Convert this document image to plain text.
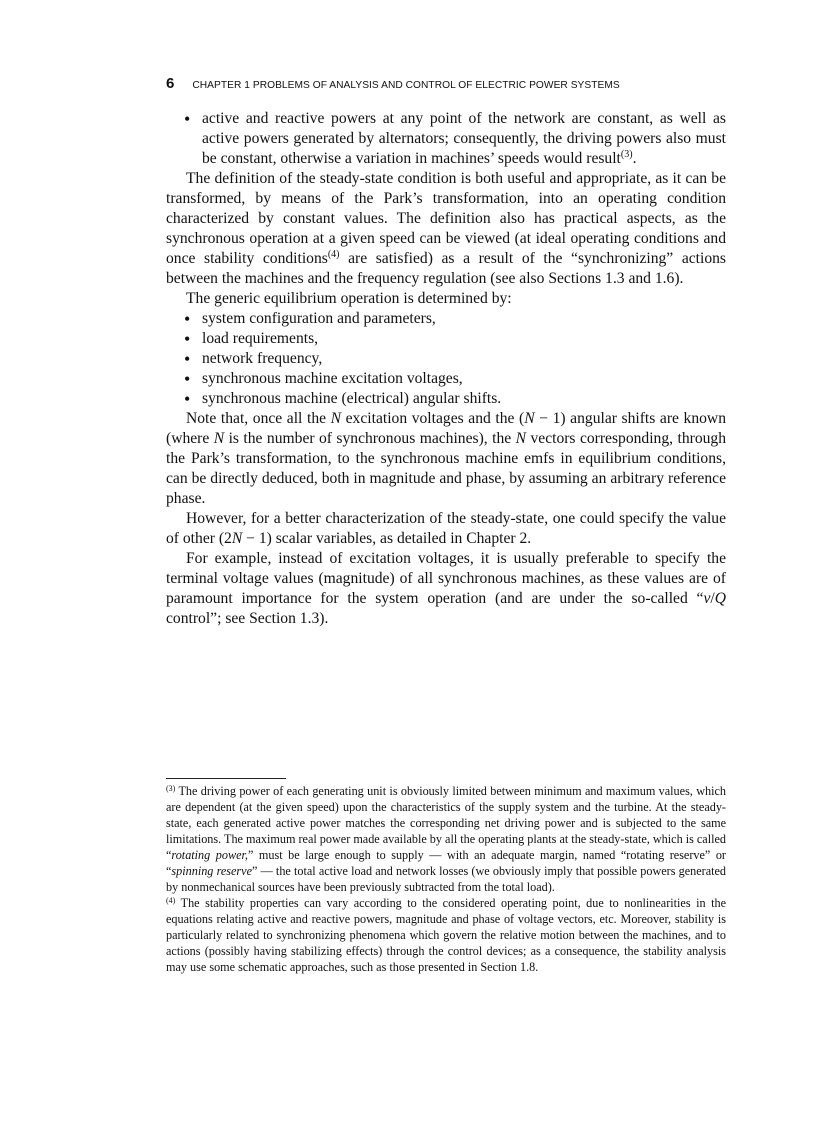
6 CHAPTER 1 PROBLEMS OF ANALYSIS AND CONTROL OF ELECTRIC POWER SYSTEMS
• active and reactive powers at any point of the network are constant, as well as active powers generated by alternators; consequently, the driving powers also must be constant, otherwise a variation in machines’ speeds would result$^{(3)}$.

The definition of the steady-state condition is both useful and appropriate, as it can be transformed, by means of the Park’s transformation, into an operating condition characterized by constant values. The definition also has practical aspects, as the synchronous operation at a given speed can be viewed (at ideal operating conditions and once stability conditions$^{(4)}$ are satisfied) as a result of the “synchronizing” actions between the machines and the frequency regulation (see also Sections 1.3 and 1.6).

The generic equilibrium operation is determined by:

• system configuration and parameters,
• load requirements,
• network frequency,
• synchronous machine excitation voltages,
• synchronous machine (electrical) angular shifts.

Note that, once all the N excitation voltages and the (N − 1) angular shifts are known (where N is the number of synchronous machines), the N vectors corresponding, through the Park’s transformation, to the synchronous machine emfs in equilibrium conditions, can be directly deduced, both in magnitude and phase, by assuming an arbitrary reference phase.

However, for a better characterization of the steady-state, one could specify the value of other (2N − 1) scalar variables, as detailed in Chapter 2.

For example, instead of excitation voltages, it is usually preferable to specify the terminal voltage values (magnitude) of all synchronous machines, as these values are of paramount importance for the system operation (and are under the so-called “v/Q control”; see Section 1.3).

$^{(3)}$ The driving power of each generating unit is obviously limited between minimum and maximum values, which are dependent (at the given speed) upon the characteristics of the supply system and the turbine. At the steady-state, each generated active power matches the corresponding net driving power and is subjected to the same limitations. The maximum real power made available by all the operating plants at the steady-state, which is called “rotating power,” must be large enough to supply — with an adequate margin, named “rotating reserve” or “spinning reserve” — the total active load and network losses (we obviously imply that possible powers generated by nonmechanical sources have been previously subtracted from the total load).

$^{(4)}$ The stability properties can vary according to the considered operating point, due to nonlinearities in the equations relating active and reactive powers, magnitude and phase of voltage vectors, etc. Moreover, stability is particularly related to synchronizing phenomena which govern the relative motion between the machines, and to actions (possibly having stabilizing effects) through the control devices; as a consequence, the stability analysis may use some schematic approaches, such as those presented in Section 1.8.
